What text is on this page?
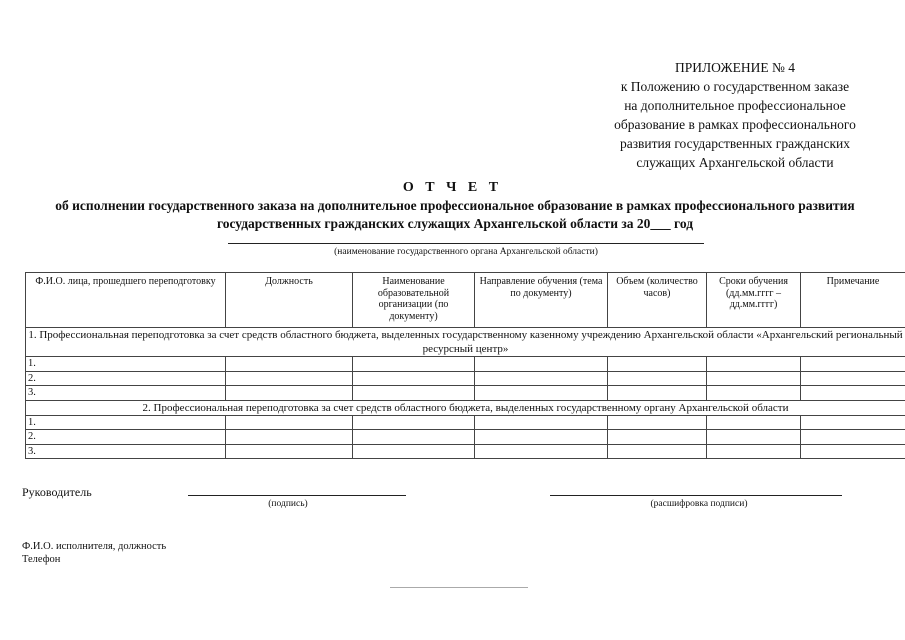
ПРИЛОЖЕНИЕ № 4
к Положению о государственном заказе
на дополнительное профессиональное
образование в рамках профессионального
развития государственных гражданских
служащих Архангельской области
О Т Ч Е Т
об исполнении государственного заказа на дополнительное профессиональное образование в рамках профессионального развития государственных гражданских служащих Архангельской области за 20___ год
(наименование государственного органа Архангельской области)
Ф.И.О. лица, прошедшего переподготовку	Должность	Наименование образовательной организации (по документу)	Направление обучения (тема по документу)	Объем (количество часов)	Сроки обучения (дд.мм.гггг – дд.мм.гггг)	Примечание
1. Профессиональная переподготовка за счет средств областного бюджета, выделенных государственному казенному учреждению Архангельской области «Архангельский региональный ресурсный центр»						
1.						
2.						
3.						
2. Профессиональная переподготовка за счет средств областного бюджета, выделенных государственному органу Архангельской области						
1.						
2.						
3.						
Руководитель
(подпись)	(расшифровка подписи)
Ф.И.О. исполнителя, должность
Телефон
